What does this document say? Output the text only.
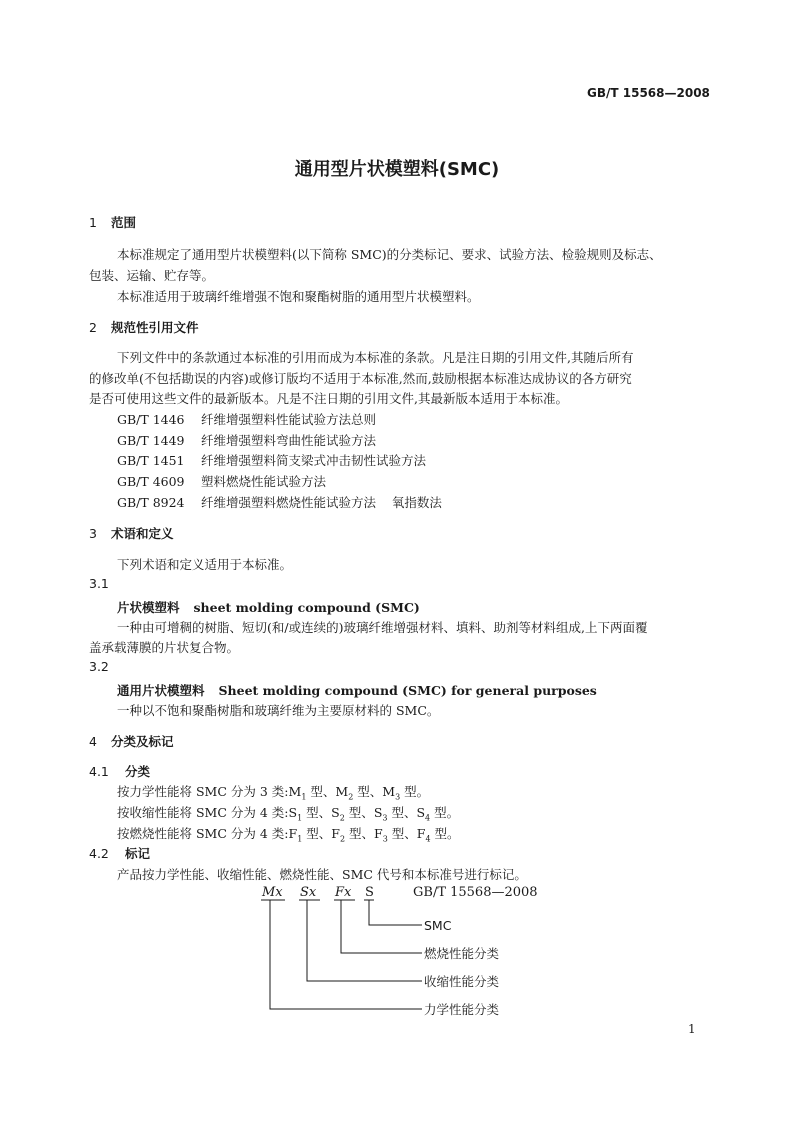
GB/T 15568—2008
通用型片状模塑料(SMC)
1 范围
本标准规定了通用型片状模塑料(以下简称 SMC)的分类标记、要求、试验方法、检验规则及标志、
包装、运输、贮存等。
本标准适用于玻璃纤维增强不饱和聚酯树脂的通用型片状模塑料。
2 规范性引用文件
下列文件中的条款通过本标准的引用而成为本标准的条款。凡是注日期的引用文件,其随后所有
的修改单(不包括勘误的内容)或修订版均不适用于本标准,然而,鼓励根据本标准达成协议的各方研究
是否可使用这些文件的最新版本。凡是不注日期的引用文件,其最新版本适用于本标准。
GB/T 1446 纤维增强塑料性能试验方法总则
GB/T 1449 纤维增强塑料弯曲性能试验方法
GB/T 1451 纤维增强塑料简支梁式冲击韧性试验方法
GB/T 4609 塑料燃烧性能试验方法
GB/T 8924 纤维增强塑料燃烧性能试验方法    氧指数法
3 术语和定义
下列术语和定义适用于本标准。
3.1
片状模塑料 sheet molding compound (SMC)
一种由可增稠的树脂、短切(和/或连续的)玻璃纤维增强材料、填料、助剂等材料组成,上下两面覆
盖承载薄膜的片状复合物。
3.2
通用片状模塑料 Sheet molding compound (SMC) for general purposes
一种以不饱和聚酯树脂和玻璃纤维为主要原材料的 SMC。
4 分类及标记
4.1 分类
按力学性能将 SMC 分为 3 类$:M_1$ 型、$M_2$ 型、$M_3$ 型。
按收缩性能将 SMC 分为 4 类$:S_1$ 型、$S_2$ 型、$S_3$ 型、$S_4$ 型。
按燃烧性能将 SMC 分为 4 类$:F_1$ 型、$F_2$ 型、$F_3$ 型、$F_4$ 型。
4.2 标记
产品按力学性能、收缩性能、燃烧性能、SMC 代号和本标准号进行标记。
Mx Sx Fx S	GB/T 15568—2008
SMC
燃烧性能分类
收缩性能分类
力学性能分类
1
